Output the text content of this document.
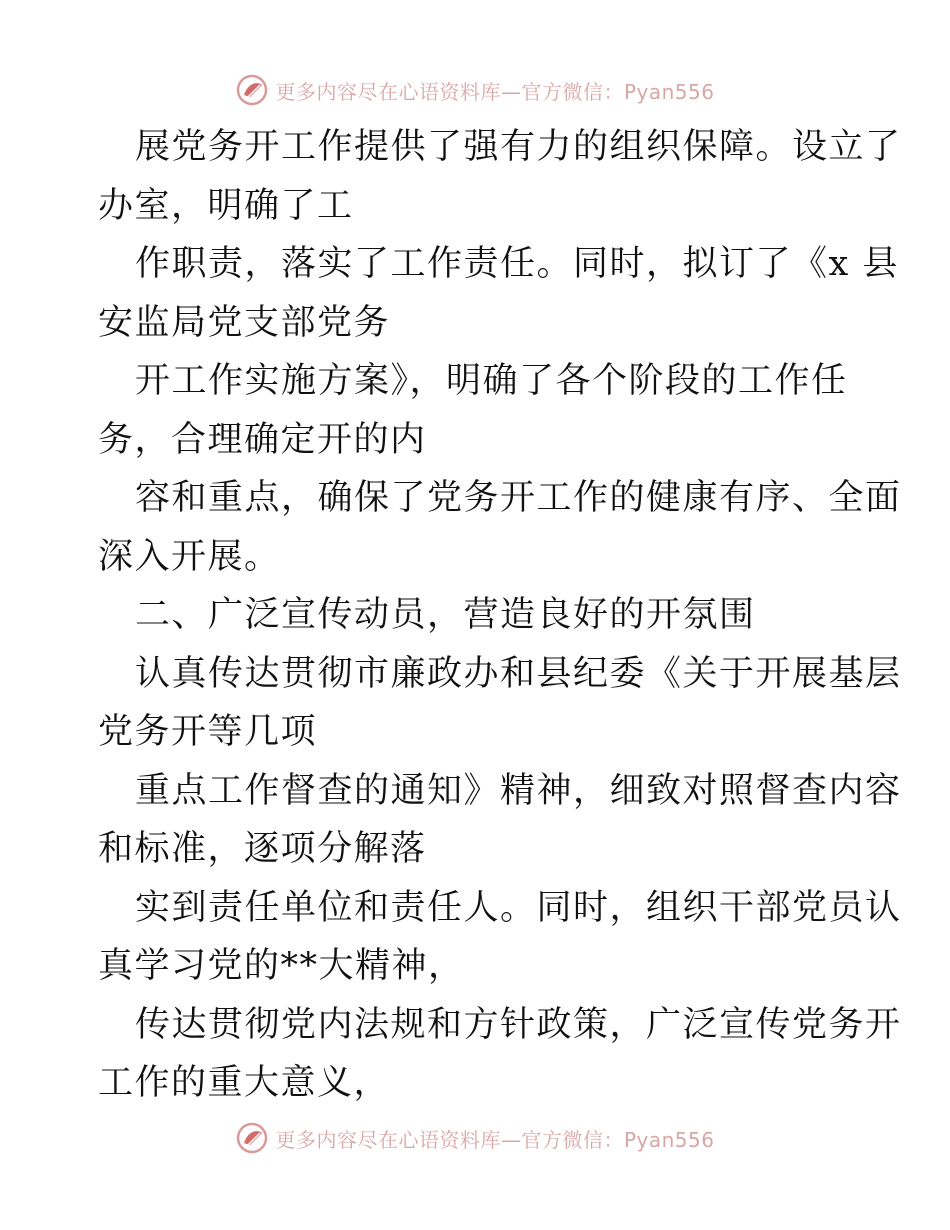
更多内容尽在心语资料库—官方微信：Pyan556
展党务开工作提供了强有力的组织保障。设立了
办室，明确了工
作职责，落实了工作责任。同时，拟订了《x 县
安监局党支部党务
开工作实施方案》，明确了各个阶段的工作任
务，合理确定开的内
容和重点，确保了党务开工作的健康有序、全面
深入开展。
二、广泛宣传动员，营造良好的开氛围
认真传达贯彻市廉政办和县纪委《关于开展基层
党务开等几项
重点工作督查的通知》精神，细致对照督查内容
和标准，逐项分解落
实到责任单位和责任人。同时，组织干部党员认
真学习党的**大精神，
传达贯彻党内法规和方针政策，广泛宣传党务开
工作的重大意义，
更多内容尽在心语资料库—官方微信：Pyan556
